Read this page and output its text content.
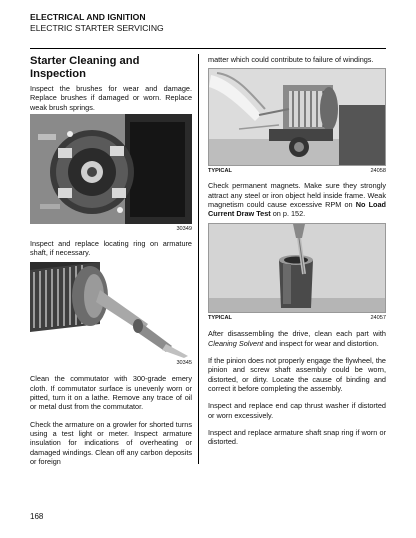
ELECTRICAL AND IGNITION
ELECTRIC STARTER SERVICING
Starter Cleaning and Inspection

Inspect the brushes for wear and damage. Replace brushes if damaged or worn. Replace weak brush springs.

30349

Inspect and replace locating ring on armature shaft, if necessary.

30345

Clean the commutator with 300-grade emery cloth. If commutator surface is unevenly worn or pitted, turn it on a lathe. Remove any trace of oil or metal dust from the commutator.

Check the armature on a growler for shorted turns using a test light or meter. Inspect armature insulation for indications of overheating or damaged windings. Clean off any carbon deposits or foreign

matter which could contribute to failure of windings.

TYPICAL	24058

Check permanent magnets. Make sure they strongly attract any steel or iron object held inside frame. Weak magnetism could cause excessive RPM on No Load Current Draw Test on p. 152.

TYPICAL	24057

After disassembling the drive, clean each part with Cleaning Solvent and inspect for wear and distortion.

If the pinion does not properly engage the flywheel, the pinion and screw shaft assembly could be worn, distorted, or dirty. Locate the cause of binding and correct it before completing the assembly.

Inspect and replace end cap thrust washer if distorted or worn excessively.

Inspect and replace armature shaft snap ring if worn or distorted.

168
